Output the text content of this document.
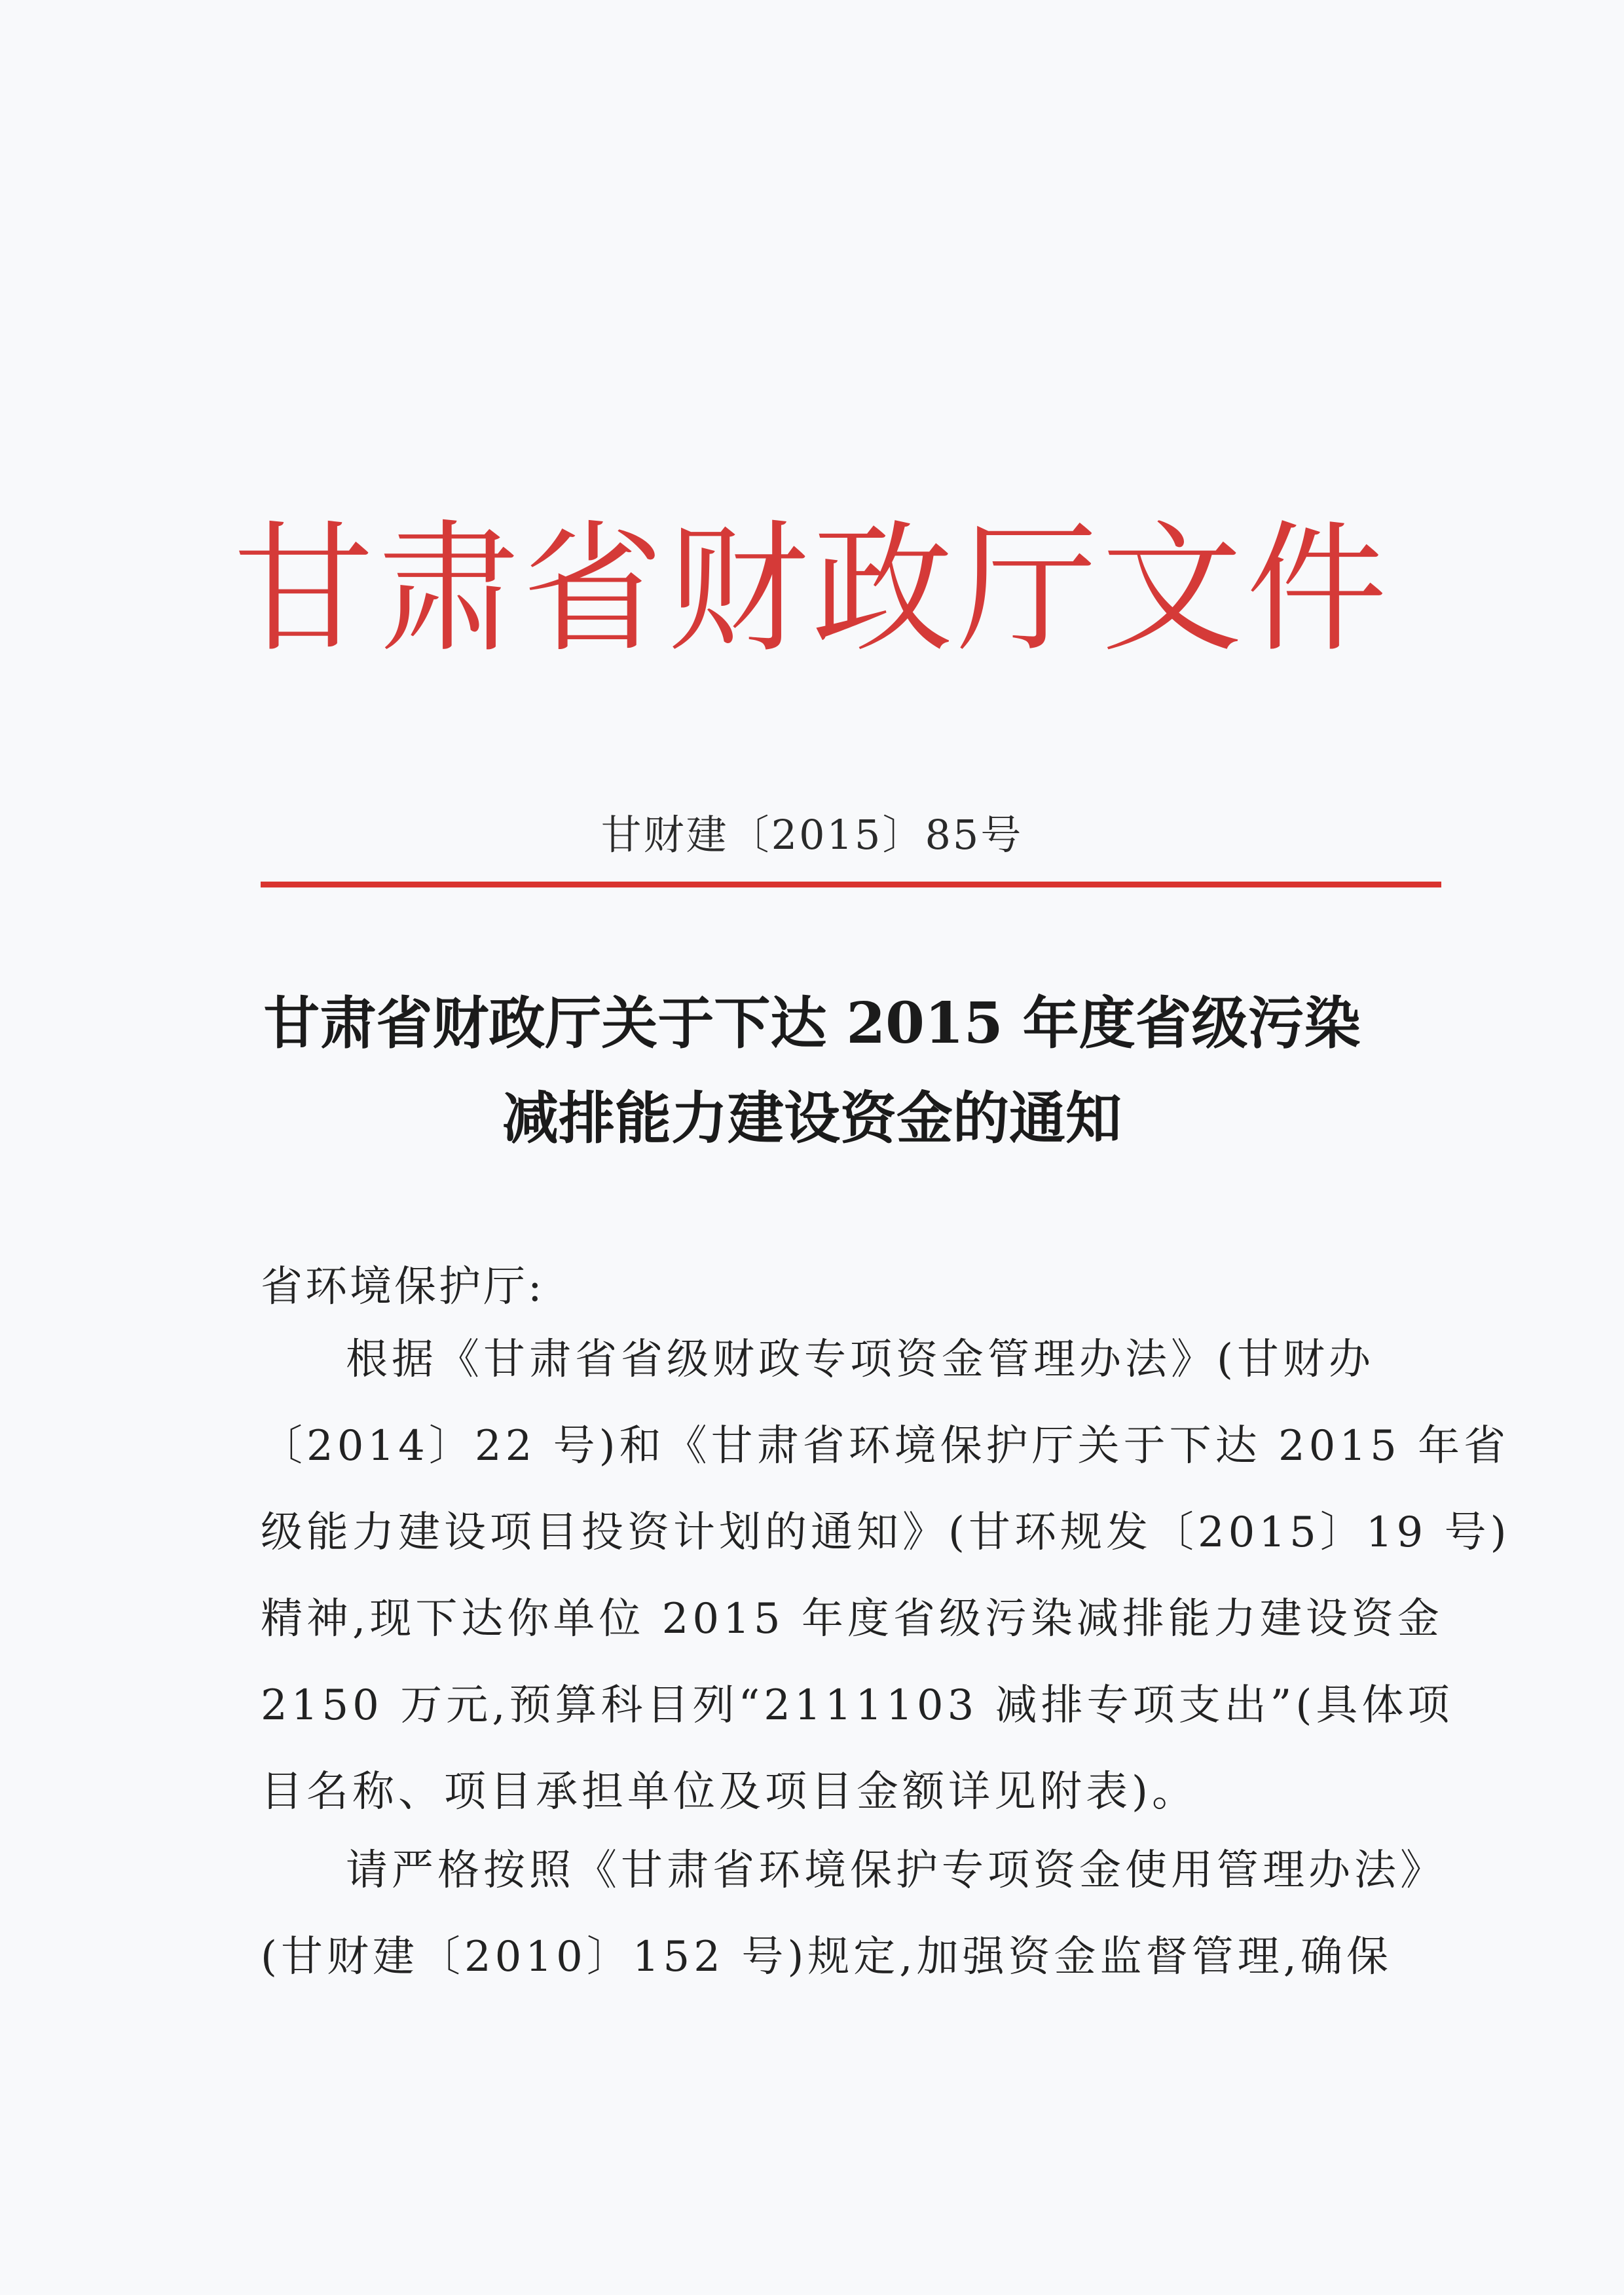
甘肃省财政厅文件
甘财建〔2015〕85号
甘肃省财政厅关于下达 2015 年度省级污染
减排能力建设资金的通知
省环境保护厅:
根据《甘肃省省级财政专项资金管理办法》(甘财办
〔2014〕22 号)和《甘肃省环境保护厅关于下达 2015 年省
级能力建设项目投资计划的通知》(甘环规发〔2015〕19 号)
精神,现下达你单位 2015 年度省级污染减排能力建设资金
2150 万元,预算科目列“2111103 减排专项支出”(具体项
目名称、项目承担单位及项目金额详见附表)。
请严格按照《甘肃省环境保护专项资金使用管理办法》
(甘财建〔2010〕152 号)规定,加强资金监督管理,确保
